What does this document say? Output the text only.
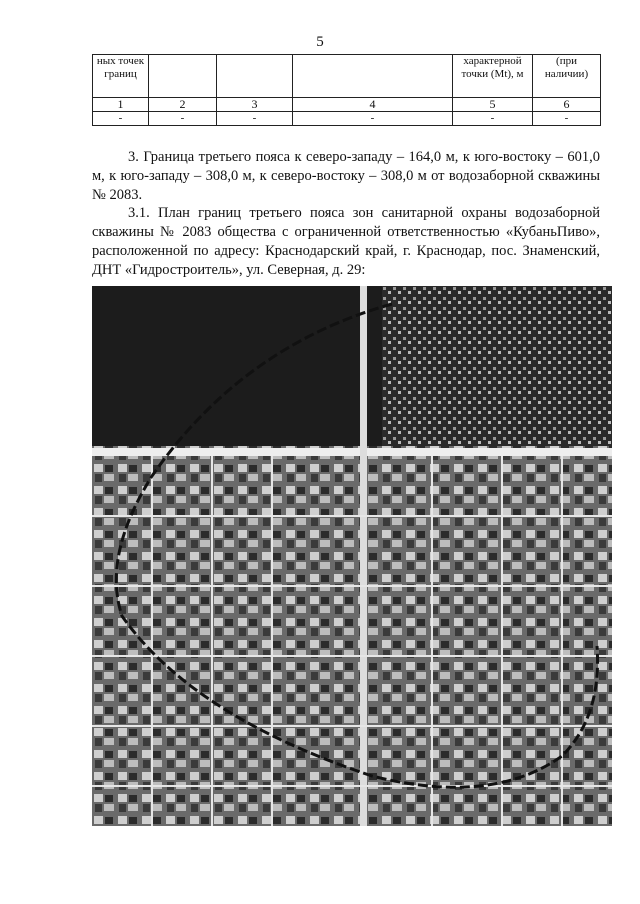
5
ных точек границ				характерной точки (Mt), м	(при наличии)
1	2	3	4	5	6
-	-	-	-	-	-

3. Граница третьего пояса к северо-западу – 164,0 м, к юго-востоку – 601,0 м, к юго-западу – 308,0 м, к северо-востоку – 308,0 м от водозаборной скважины № 2083.

3.1. План границ третьего пояса зон санитарной охраны водозаборной скважины № 2083 общества с ограниченной ответственностью «КубаньПиво», расположенной по адресу: Краснодарский край, г. Краснодар, пос. Знаменский, ДНТ «Гидростроитель», ул. Северная, д. 29:
